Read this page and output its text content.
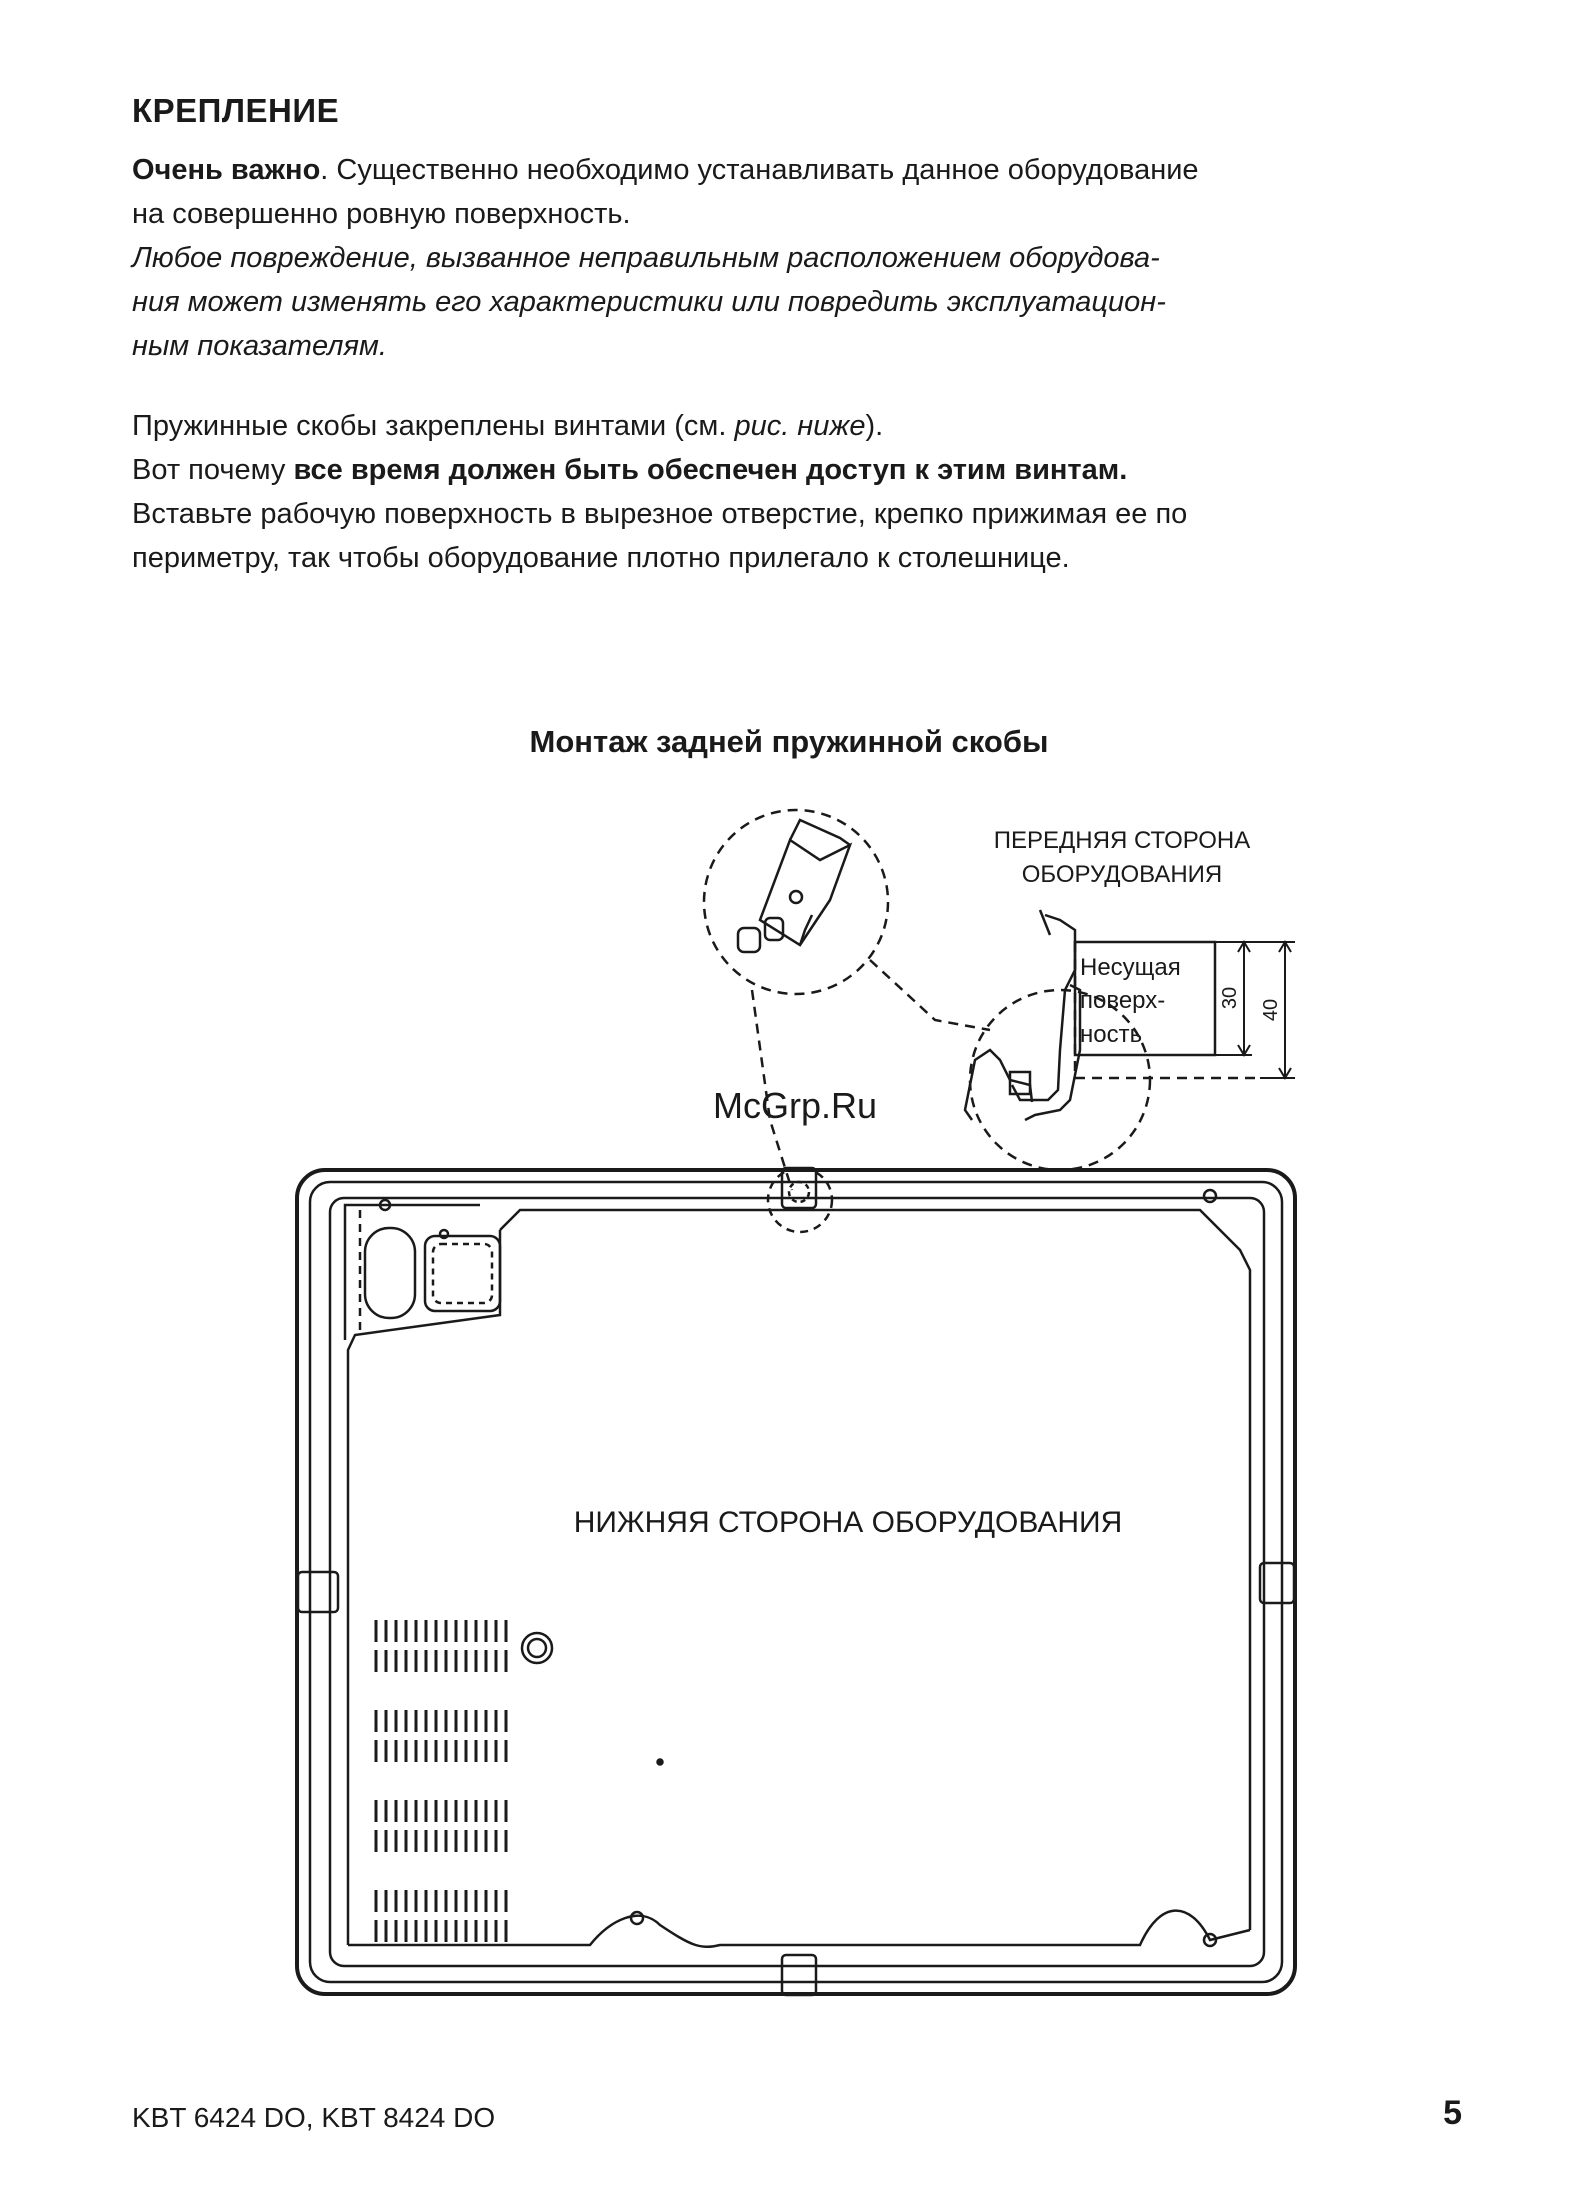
КРЕПЛЕНИЕ

Очень важно. Существенно необходимо устанавливать данное оборудование

на совершенно ровную поверхность.

Любое повреждение, вызванное неправильным расположением оборудова-

ния может изменять его характеристики или повредить эксплуатацион-

ным показателям.

Пружинные скобы закреплены винтами (см. рис. ниже).

Вот почему все время должен быть обеспечен доступ к этим винтам.

Вставьте рабочую поверхность в вырезное отверстие, крепко прижимая ее по

периметру, так чтобы оборудование плотно прилегало к столешнице.

Монтаж задней пружинной скобы
ПЕРЕДНЯЯ СТОРОНА
ОБОРУДОВАНИЯ
Несущая
поверх-
ность
30
40
McGrp.Ru
НИЖНЯЯ СТОРОНА ОБОРУДОВАНИЯ
KBT 6424 DO, KBT 8424 DO	5
